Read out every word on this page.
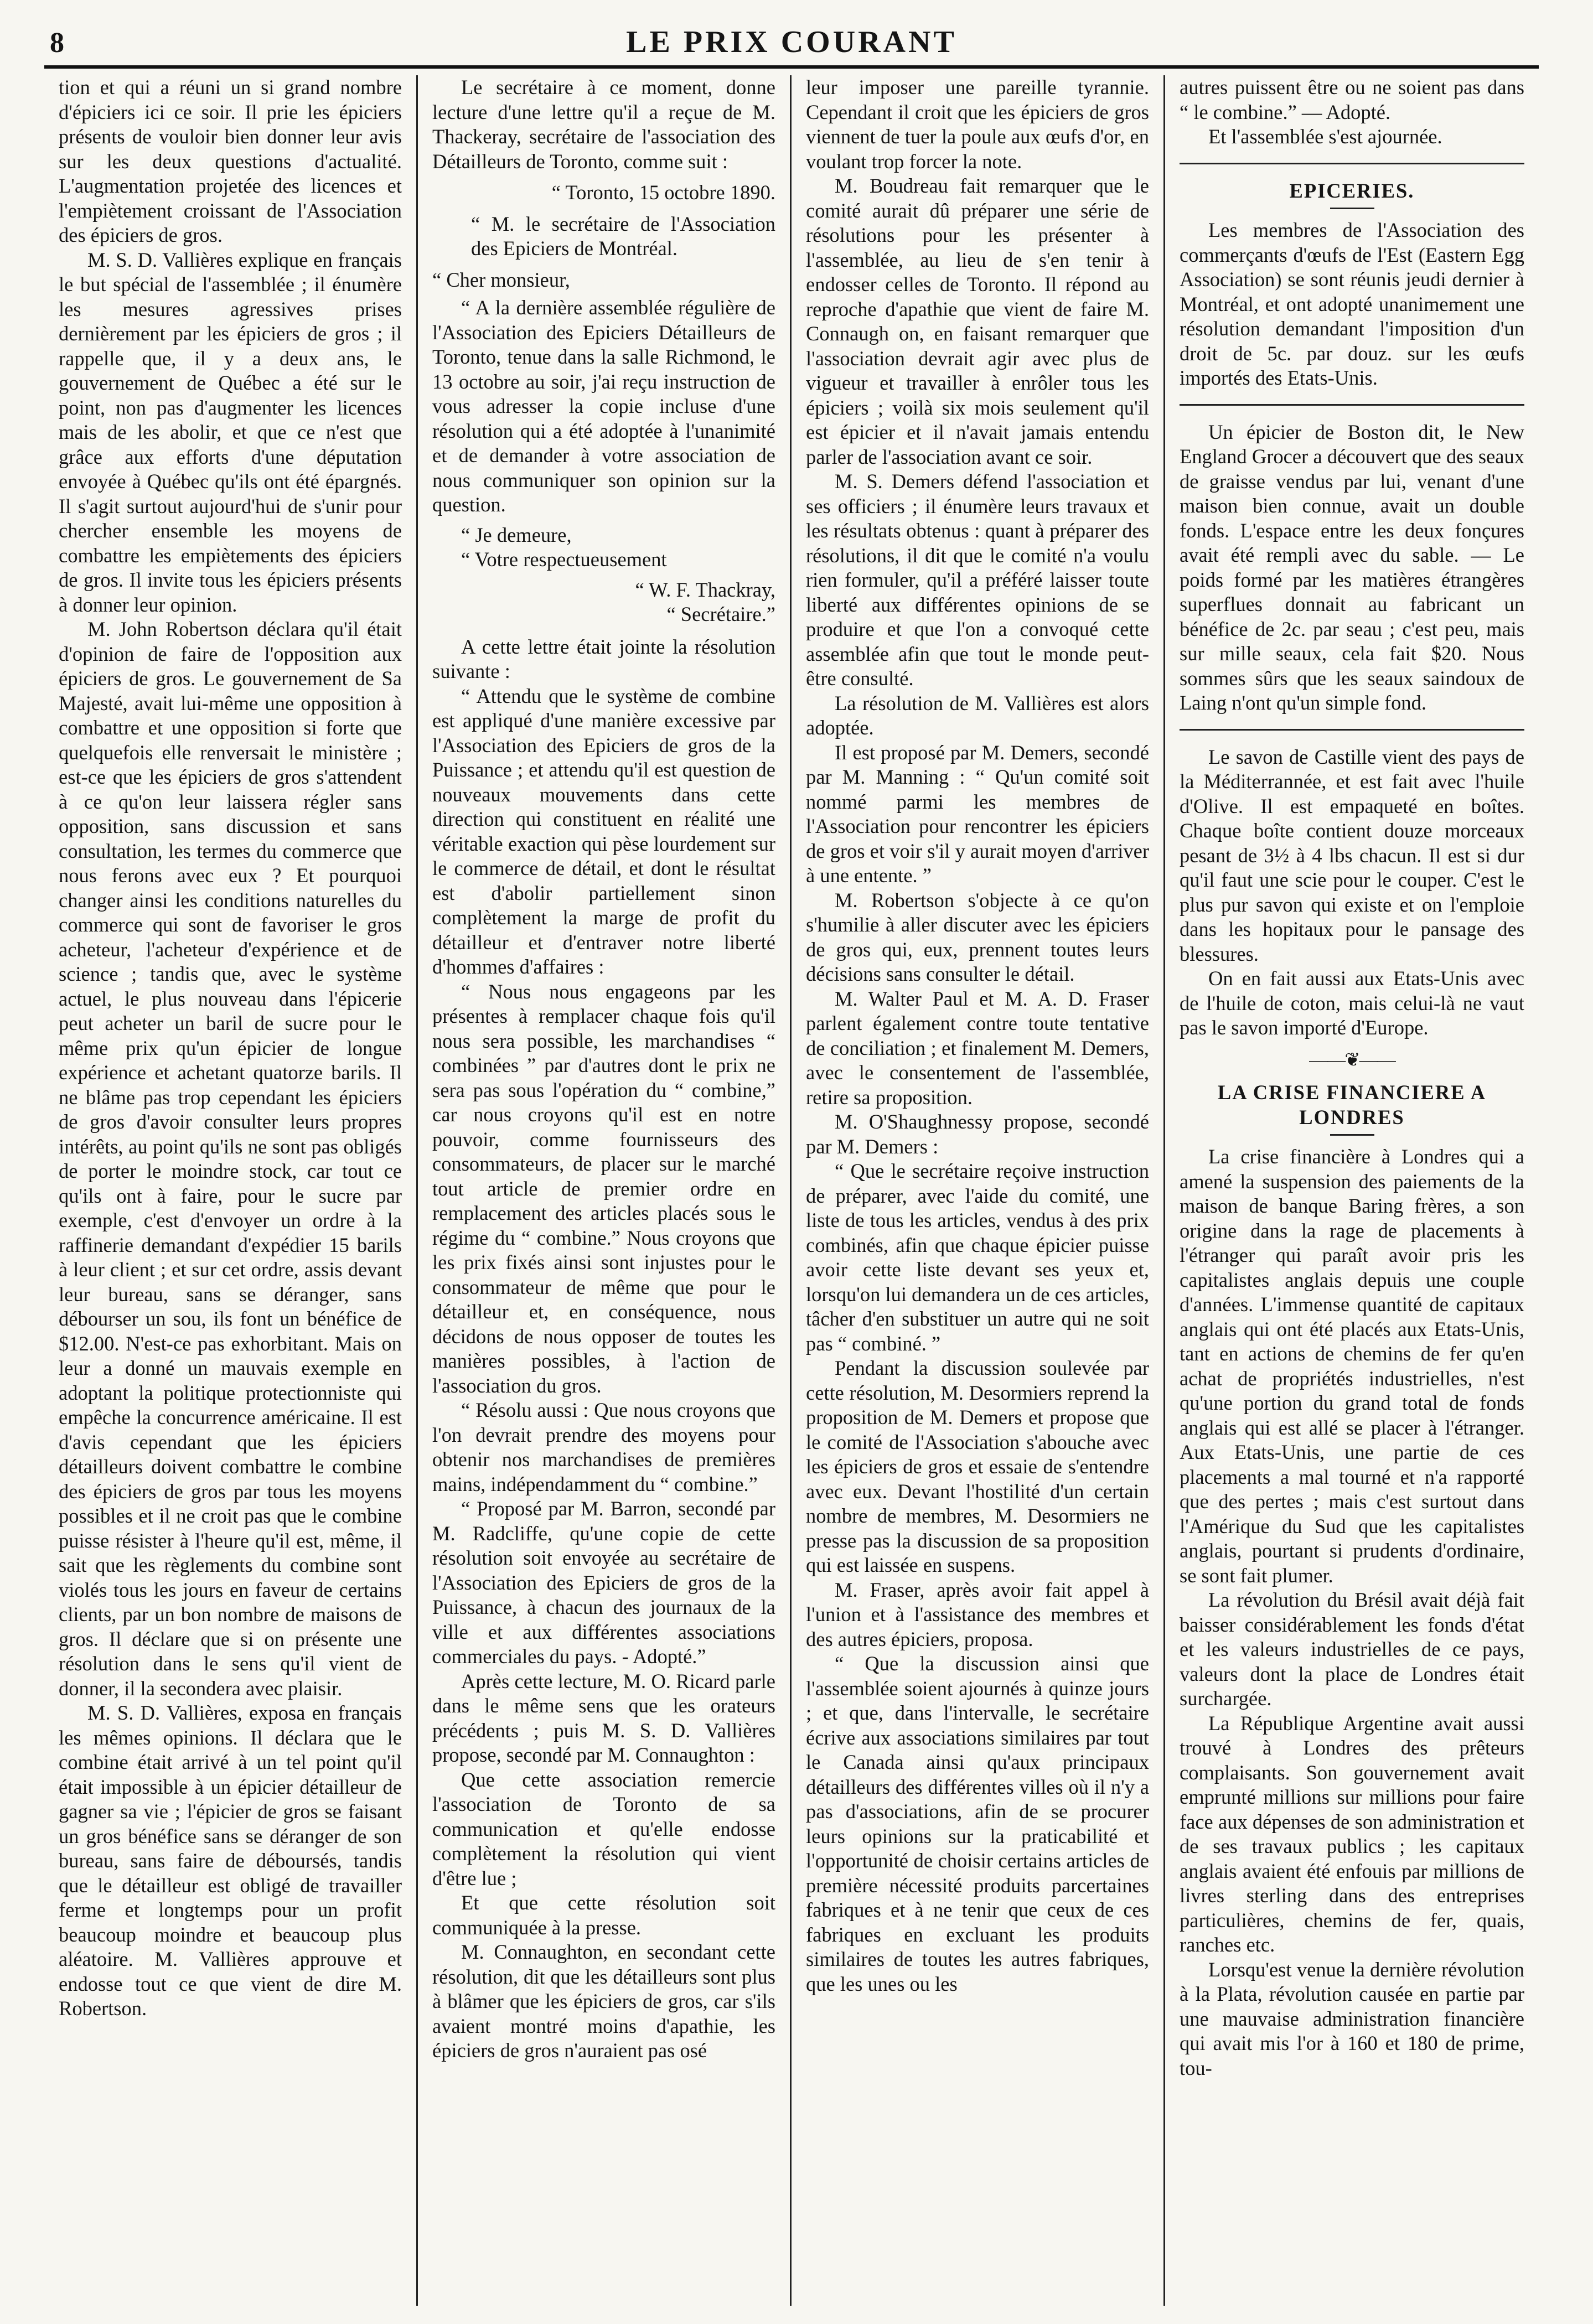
8	LE PRIX COURANT

tion et qui a réuni un si grand nombre d'épiciers ici ce soir. Il prie les épiciers présents de vouloir bien donner leur avis sur les deux questions d'actualité. L'augmentation projetée des licences et l'empiètement croissant de l'Association des épiciers de gros.

M. S. D. Vallières explique en français le but spécial de l'assemblée ; il énumère les mesures agressives prises dernièrement par les épiciers de gros ; il rappelle que, il y a deux ans, le gouvernement de Québec a été sur le point, non pas d'augmenter les licences mais de les abolir, et que ce n'est que grâce aux efforts d'une députation envoyée à Québec qu'ils ont été épargnés. Il s'agit surtout aujourd'hui de s'unir pour chercher ensemble les moyens de combattre les empiètements des épiciers de gros. Il invite tous les épiciers présents à donner leur opinion.

M. John Robertson déclara qu'il était d'opinion de faire de l'opposition aux épiciers de gros. Le gouvernement de Sa Majesté, avait lui-même une opposition à combattre et une opposition si forte que quelquefois elle renversait le ministère ; est-ce que les épiciers de gros s'attendent à ce qu'on leur laissera régler sans opposition, sans discussion et sans consultation, les termes du commerce que nous ferons avec eux ? Et pourquoi changer ainsi les conditions naturelles du commerce qui sont de favoriser le gros acheteur, l'acheteur d'expérience et de science ; tandis que, avec le système actuel, le plus nouveau dans l'épicerie peut acheter un baril de sucre pour le même prix qu'un épicier de longue expérience et achetant quatorze barils. Il ne blâme pas trop cependant les épiciers de gros d'avoir consulter leurs propres intérêts, au point qu'ils ne sont pas obligés de porter le moindre stock, car tout ce qu'ils ont à faire, pour le sucre par exemple, c'est d'envoyer un ordre à la raffinerie demandant d'expédier 15 barils à leur client ; et sur cet ordre, assis devant leur bureau, sans se déranger, sans débourser un sou, ils font un bénéfice de $12.00. N'est-ce pas exhorbitant. Mais on leur a donné un mauvais exemple en adoptant la politique protectionniste qui empêche la concurrence américaine. Il est d'avis cependant que les épiciers détailleurs doivent combattre le combine des épiciers de gros par tous les moyens possibles et il ne croit pas que le combine puisse résister à l'heure qu'il est, même, il sait que les règlements du combine sont violés tous les jours en faveur de certains clients, par un bon nombre de maisons de gros. Il déclare que si on présente une résolution dans le sens qu'il vient de donner, il la secondera avec plaisir.

M. S. D. Vallières, exposa en français les mêmes opinions. Il déclara que le combine était arrivé à un tel point qu'il était impossible à un épicier détailleur de gagner sa vie ; l'épicier de gros se faisant un gros bénéfice sans se déranger de son bureau, sans faire de déboursés, tandis que le détailleur est obligé de travailler ferme et longtemps pour un profit beaucoup moindre et beaucoup plus aléatoire. M. Vallières approuve et endosse tout ce que vient de dire M. Robertson.

Le secrétaire à ce moment, donne lecture d'une lettre qu'il a reçue de M. Thackeray, secrétaire de l'association des Détailleurs de Toronto, comme suit :

“ Toronto, 15 octobre 1890.

“ M. le secrétaire de l'Association des Epiciers de Montréal.

“ Cher monsieur,

“ A la dernière assemblée régulière de l'Association des Epiciers Détailleurs de Toronto, tenue dans la salle Richmond, le 13 octobre au soir, j'ai reçu instruction de vous adresser la copie incluse d'une résolution qui a été adoptée à l'unanimité et de demander à votre association de nous communiquer son opinion sur la question.

“ Je demeure,

“ Votre respectueusement

“ W. F. Thackray,

“ Secrétaire.”

A cette lettre était jointe la résolution suivante :

“ Attendu que le système de combine est appliqué d'une manière excessive par l'Association des Epiciers de gros de la Puissance ; et attendu qu'il est question de nouveaux mouvements dans cette direction qui constituent en réalité une véritable exaction qui pèse lourdement sur le commerce de détail, et dont le résultat est d'abolir partiellement sinon complètement la marge de profit du détailleur et d'entraver notre liberté d'hommes d'affaires :

“ Nous nous engageons par les présentes à remplacer chaque fois qu'il nous sera possible, les marchandises “ combinées ” par d'autres dont le prix ne sera pas sous l'opération du “ combine,” car nous croyons qu'il est en notre pouvoir, comme fournisseurs des consommateurs, de placer sur le marché tout article de premier ordre en remplacement des articles placés sous le régime du “ combine.” Nous croyons que les prix fixés ainsi sont injustes pour le consommateur de même que pour le détailleur et, en conséquence, nous décidons de nous opposer de toutes les manières possibles, à l'action de l'association du gros.

“ Résolu aussi : Que nous croyons que l'on devrait prendre des moyens pour obtenir nos marchandises de premières mains, indépendamment du “ combine.”

“ Proposé par M. Barron, secondé par M. Radcliffe, qu'une copie de cette résolution soit envoyée au secrétaire de l'Association des Epiciers de gros de la Puissance, à chacun des journaux de la ville et aux différentes associations commerciales du pays. - Adopté.”

Après cette lecture, M. O. Ricard parle dans le même sens que les orateurs précédents ; puis M. S. D. Vallières propose, secondé par M. Connaughton :

Que cette association remercie l'association de Toronto de sa communication et qu'elle endosse complètement la résolution qui vient d'être lue ;

Et que cette résolution soit communiquée à la presse.

M. Connaughton, en secondant cette résolution, dit que les détailleurs sont plus à blâmer que les épiciers de gros, car s'ils avaient montré moins d'apathie, les épiciers de gros n'auraient pas osé

leur imposer une pareille tyrannie. Cependant il croit que les épiciers de gros viennent de tuer la poule aux œufs d'or, en voulant trop forcer la note.

M. Boudreau fait remarquer que le comité aurait dû préparer une série de résolutions pour les présenter à l'assemblée, au lieu de s'en tenir à endosser celles de Toronto. Il répond au reproche d'apathie que vient de faire M. Connaugh on, en faisant remarquer que l'association devrait agir avec plus de vigueur et travailler à enrôler tous les épiciers ; voilà six mois seulement qu'il est épicier et il n'avait jamais entendu parler de l'association avant ce soir.

M. S. Demers défend l'association et ses officiers ; il énumère leurs travaux et les résultats obtenus : quant à préparer des résolutions, il dit que le comité n'a voulu rien formuler, qu'il a préféré laisser toute liberté aux différentes opinions de se produire et que l'on a convoqué cette assemblée afin que tout le monde peut-être consulté.

La résolution de M. Vallières est alors adoptée.

Il est proposé par M. Demers, secondé par M. Manning : “ Qu'un comité soit nommé parmi les membres de l'Association pour rencontrer les épiciers de gros et voir s'il y aurait moyen d'arriver à une entente. ”

M. Robertson s'objecte à ce qu'on s'humilie à aller discuter avec les épiciers de gros qui, eux, prennent toutes leurs décisions sans consulter le détail.

M. Walter Paul et M. A. D. Fraser parlent également contre toute tentative de conciliation ; et finalement M. Demers, avec le consentement de l'assemblée, retire sa proposition.

M. O'Shaughnessy propose, secondé par M. Demers :

“ Que le secrétaire reçoive instruction de préparer, avec l'aide du comité, une liste de tous les articles, vendus à des prix combinés, afin que chaque épicier puisse avoir cette liste devant ses yeux et, lorsqu'on lui demandera un de ces articles, tâcher d'en substituer un autre qui ne soit pas “ combiné. ”

Pendant la discussion soulevée par cette résolution, M. Desormiers reprend la proposition de M. Demers et propose que le comité de l'Association s'abouche avec les épiciers de gros et essaie de s'entendre avec eux. Devant l'hostilité d'un certain nombre de membres, M. Desormiers ne presse pas la discussion de sa proposition qui est laissée en suspens.

M. Fraser, après avoir fait appel à l'union et à l'assistance des membres et des autres épiciers, proposa.

“ Que la discussion ainsi que l'assemblée soient ajournés à quinze jours ; et que, dans l'intervalle, le secrétaire écrive aux associations similaires par tout le Canada ainsi qu'aux principaux détailleurs des différentes villes où il n'y a pas d'associations, afin de se procurer leurs opinions sur la praticabilité et l'opportunité de choisir certains articles de première nécessité produits parcertaines fabriques et à ne tenir que ceux de ces fabriques en excluant les produits similaires de toutes les autres fabriques, que les unes ou les

autres puissent être ou ne soient pas dans “ le combine.” — Adopté.

Et l'assemblée s'est ajournée.

EPICERIES.

Les membres de l'Association des commerçants d'œufs de l'Est (Eastern Egg Association) se sont réunis jeudi dernier à Montréal, et ont adopté unanimement une résolution demandant l'imposition d'un droit de 5c. par douz. sur les œufs importés des Etats-Unis.

Un épicier de Boston dit, le New England Grocer a découvert que des seaux de graisse vendus par lui, venant d'une maison bien connue, avait un double fonds. L'espace entre les deux fonçures avait été rempli avec du sable. — Le poids formé par les matières étrangères superflues donnait au fabricant un bénéfice de 2c. par seau ; c'est peu, mais sur mille seaux, cela fait $20. Nous sommes sûrs que les seaux saindoux de Laing n'ont qu'un simple fond.

Le savon de Castille vient des pays de la Méditerrannée, et est fait avec l'huile d'Olive. Il est empaqueté en boîtes. Chaque boîte contient douze morceaux pesant de 3½ à 4 lbs chacun. Il est si dur qu'il faut une scie pour le couper. C'est le plus pur savon qui existe et on l'emploie dans les hopitaux pour le pansage des blessures.

On en fait aussi aux Etats-Unis avec de l'huile de coton, mais celui-là ne vaut pas le savon importé d'Europe.

——❦——
LA CRISE FINANCIERE A LONDRES

La crise financière à Londres qui a amené la suspension des paiements de la maison de banque Baring frères, a son origine dans la rage de placements à l'étranger qui paraît avoir pris les capitalistes anglais depuis une couple d'années. L'immense quantité de capitaux anglais qui ont été placés aux Etats-Unis, tant en actions de chemins de fer qu'en achat de propriétés industrielles, n'est qu'une portion du grand total de fonds anglais qui est allé se placer à l'étranger. Aux Etats-Unis, une partie de ces placements a mal tourné et n'a rapporté que des pertes ; mais c'est surtout dans l'Amérique du Sud que les capitalistes anglais, pourtant si prudents d'ordinaire, se sont fait plumer.

La révolution du Brésil avait déjà fait baisser considérablement les fonds d'état et les valeurs industrielles de ce pays, valeurs dont la place de Londres était surchargée.

La République Argentine avait aussi trouvé à Londres des prêteurs complaisants. Son gouvernement avait emprunté millions sur millions pour faire face aux dépenses de son administration et de ses travaux publics ; les capitaux anglais avaient été enfouis par millions de livres sterling dans des entreprises particulières, chemins de fer, quais, ranches etc.

Lorsqu'est venue la dernière révolution à la Plata, révolution causée en partie par une mauvaise administration financière qui avait mis l'or à 160 et 180 de prime, tou-
